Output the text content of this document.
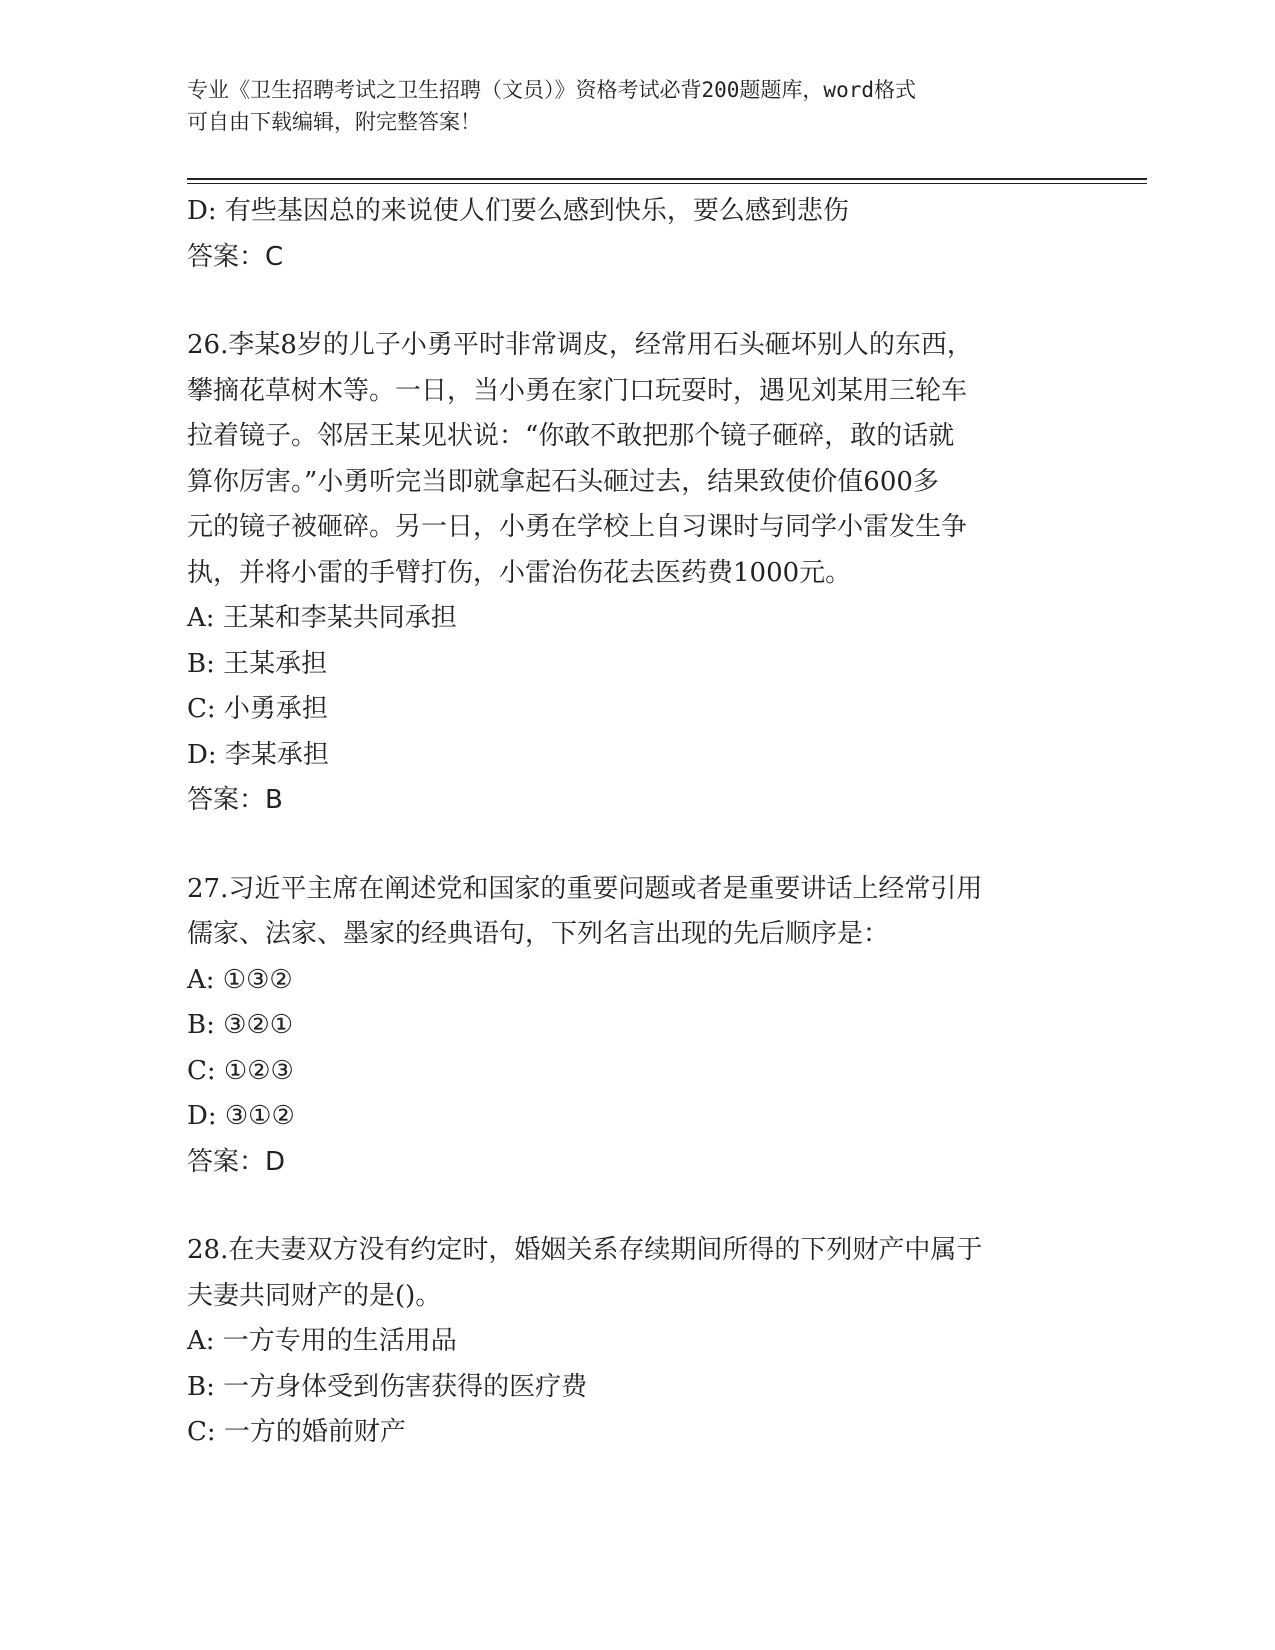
专业《卫生招聘考试之卫生招聘（文员）》资格考试必背200题题库，word格式
可自由下载编辑，附完整答案！
D: 有些基因总的来说使人们要么感到快乐，要么感到悲伤
答案：C
26.李某8岁的儿子小勇平时非常调皮，经常用石头砸坏别人的东西，
攀摘花草树木等。一日，当小勇在家门口玩耍时，遇见刘某用三轮车
拉着镜子。邻居王某见状说：“你敢不敢把那个镜子砸碎，敢的话就
算你厉害。”小勇听完当即就拿起石头砸过去，结果致使价值600多
元的镜子被砸碎。另一日，小勇在学校上自习课时与同学小雷发生争
执，并将小雷的手臂打伤，小雷治伤花去医药费1000元。
A: 王某和李某共同承担
B: 王某承担
C: 小勇承担
D: 李某承担
答案：B
27.习近平主席在阐述党和国家的重要问题或者是重要讲话上经常引用
儒家、法家、墨家的经典语句，下列名言出现的先后顺序是：
A: ①③②
B: ③②①
C: ①②③
D: ③①②
答案：D
28.在夫妻双方没有约定时，婚姻关系存续期间所得的下列财产中属于
夫妻共同财产的是()。
A: 一方专用的生活用品
B: 一方身体受到伤害获得的医疗费
C: 一方的婚前财产
